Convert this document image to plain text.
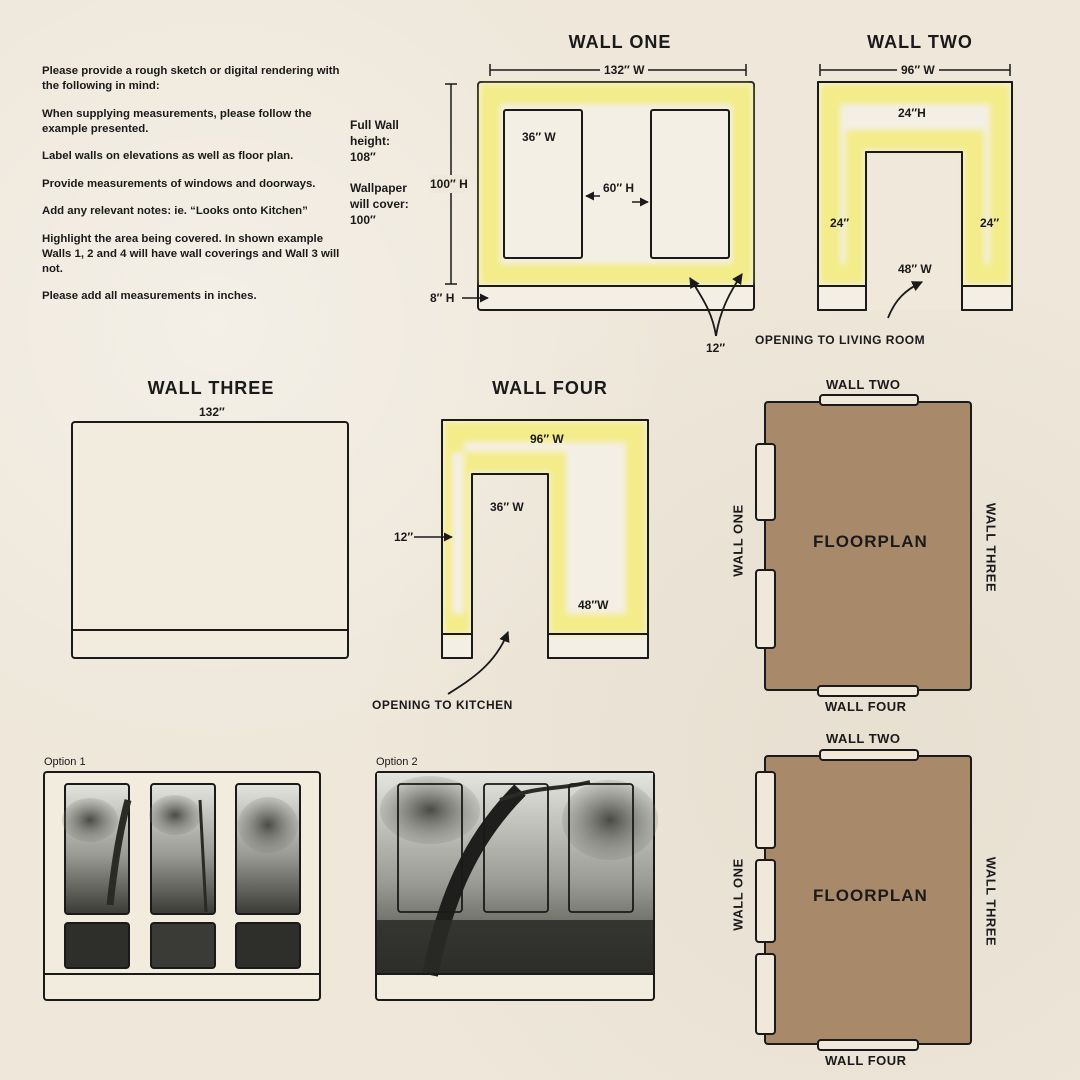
Please provide a rough sketch or digital rendering with the following in mind:

When supplying measurements, please follow the example presented.

Label walls on elevations as well as floor plan.

Provide measurements of windows and doorways.

Add any relevant notes: ie. “Looks onto Kitchen”

Highlight the area being covered. In shown example Walls 1, 2 and 4 will have wall coverings and Wall 3 will not.

Please add all measurements in inches.

WALL ONE
132″ W
Full Wall height: 108″
Wallpaper will cover: 100″
100″ H
8″ H
36″ W
60″ H
12″
WALL TWO
96″ W
24″H
24″	24″
48″ W
OPENING TO LIVING ROOM
WALL THREE
132″
WALL FOUR
96″ W
36″ W
12″
48″W
OPENING TO KITCHEN
WALL TWO
WALL FOUR
WALL ONE	WALL THREE
FLOORPLAN
WALL TWO
WALL FOUR
WALL ONE	WALL THREE
FLOORPLAN
Option 1	Option 2
